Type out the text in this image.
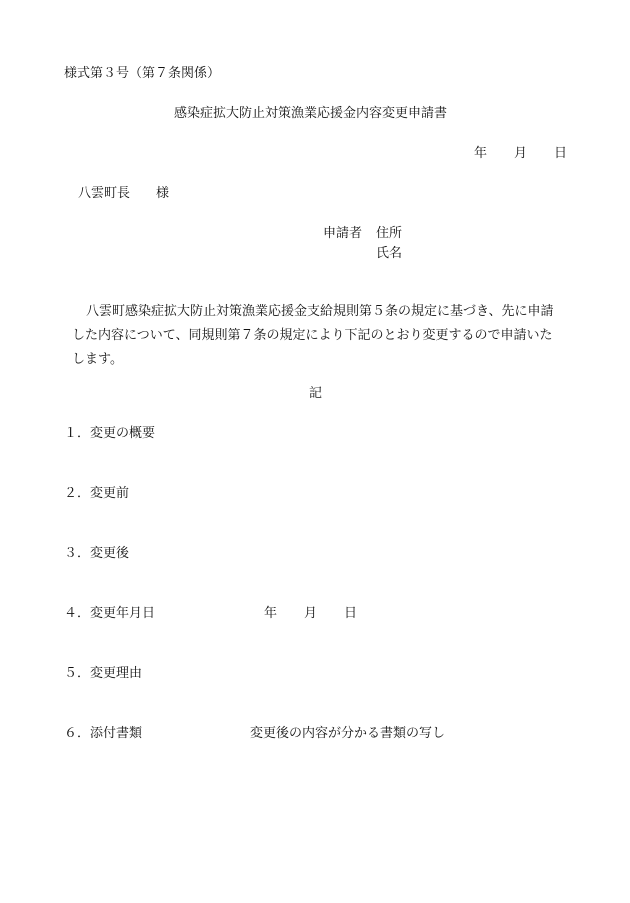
様式第３号（第７条関係）
感染症拡大防止対策漁業応援金内容変更申請書
年 月 日
八雲町長 様
申請者 住所
氏名
八雲町感染症拡大防止対策漁業応援金支給規則第５条の規定に基づき、先に申請
した内容について、同規則第７条の規定により下記のとおり変更するので申請いた
します。
記
１．変更の概要
２．変更前
３．変更後
４．変更年月日	年 月 日
５．変更理由
６．添付書類	変更後の内容が分かる書類の写し
